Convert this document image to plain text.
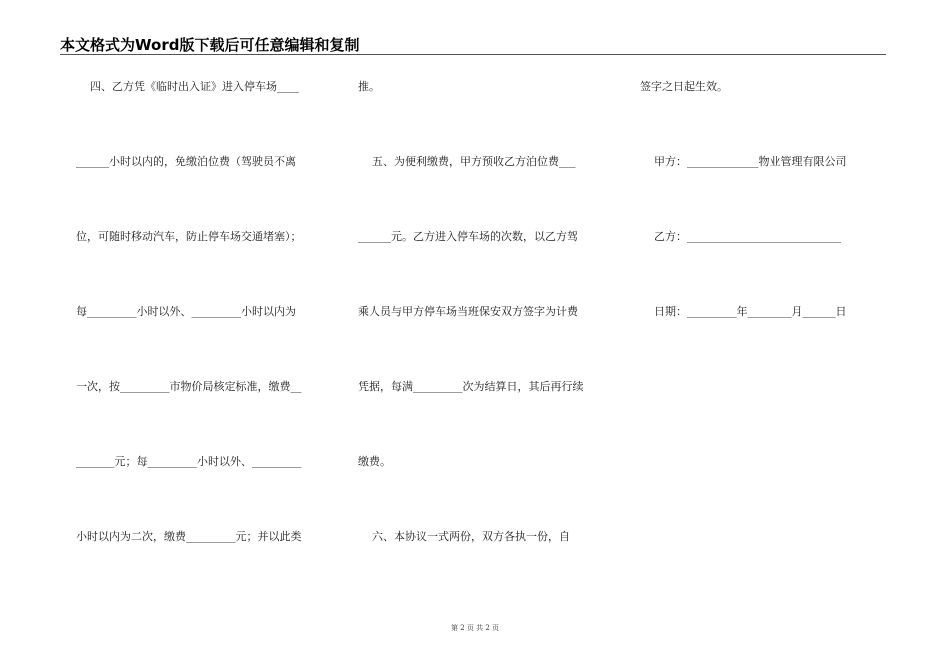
本文格式为Word版下载后可任意编辑和复制
四、乙方凭《临时出入证》进入停车场____
______小时以内的，免缴泊位费（驾驶员不离
位，可随时移动汽车，防止停车场交通堵塞）；
每_________小时以外、_________小时以内为
一次，按_________市物价局核定标准，缴费__
_______元；每_________小时以外、_________
小时以内为二次，缴费_________元；并以此类
推。
五、为便利缴费，甲方预收乙方泊位费___
______元。乙方进入停车场的次数，以乙方驾
乘人员与甲方停车场当班保安双方签字为计费
凭据，每满_________次为结算日，其后再行续
缴费。
六、本协议一式两份，双方各执一份，自
签字之日起生效。
甲方：_____________物业管理有限公司
乙方：____________________________
日期：_________年________月______日
第 2 页 共 2 页
